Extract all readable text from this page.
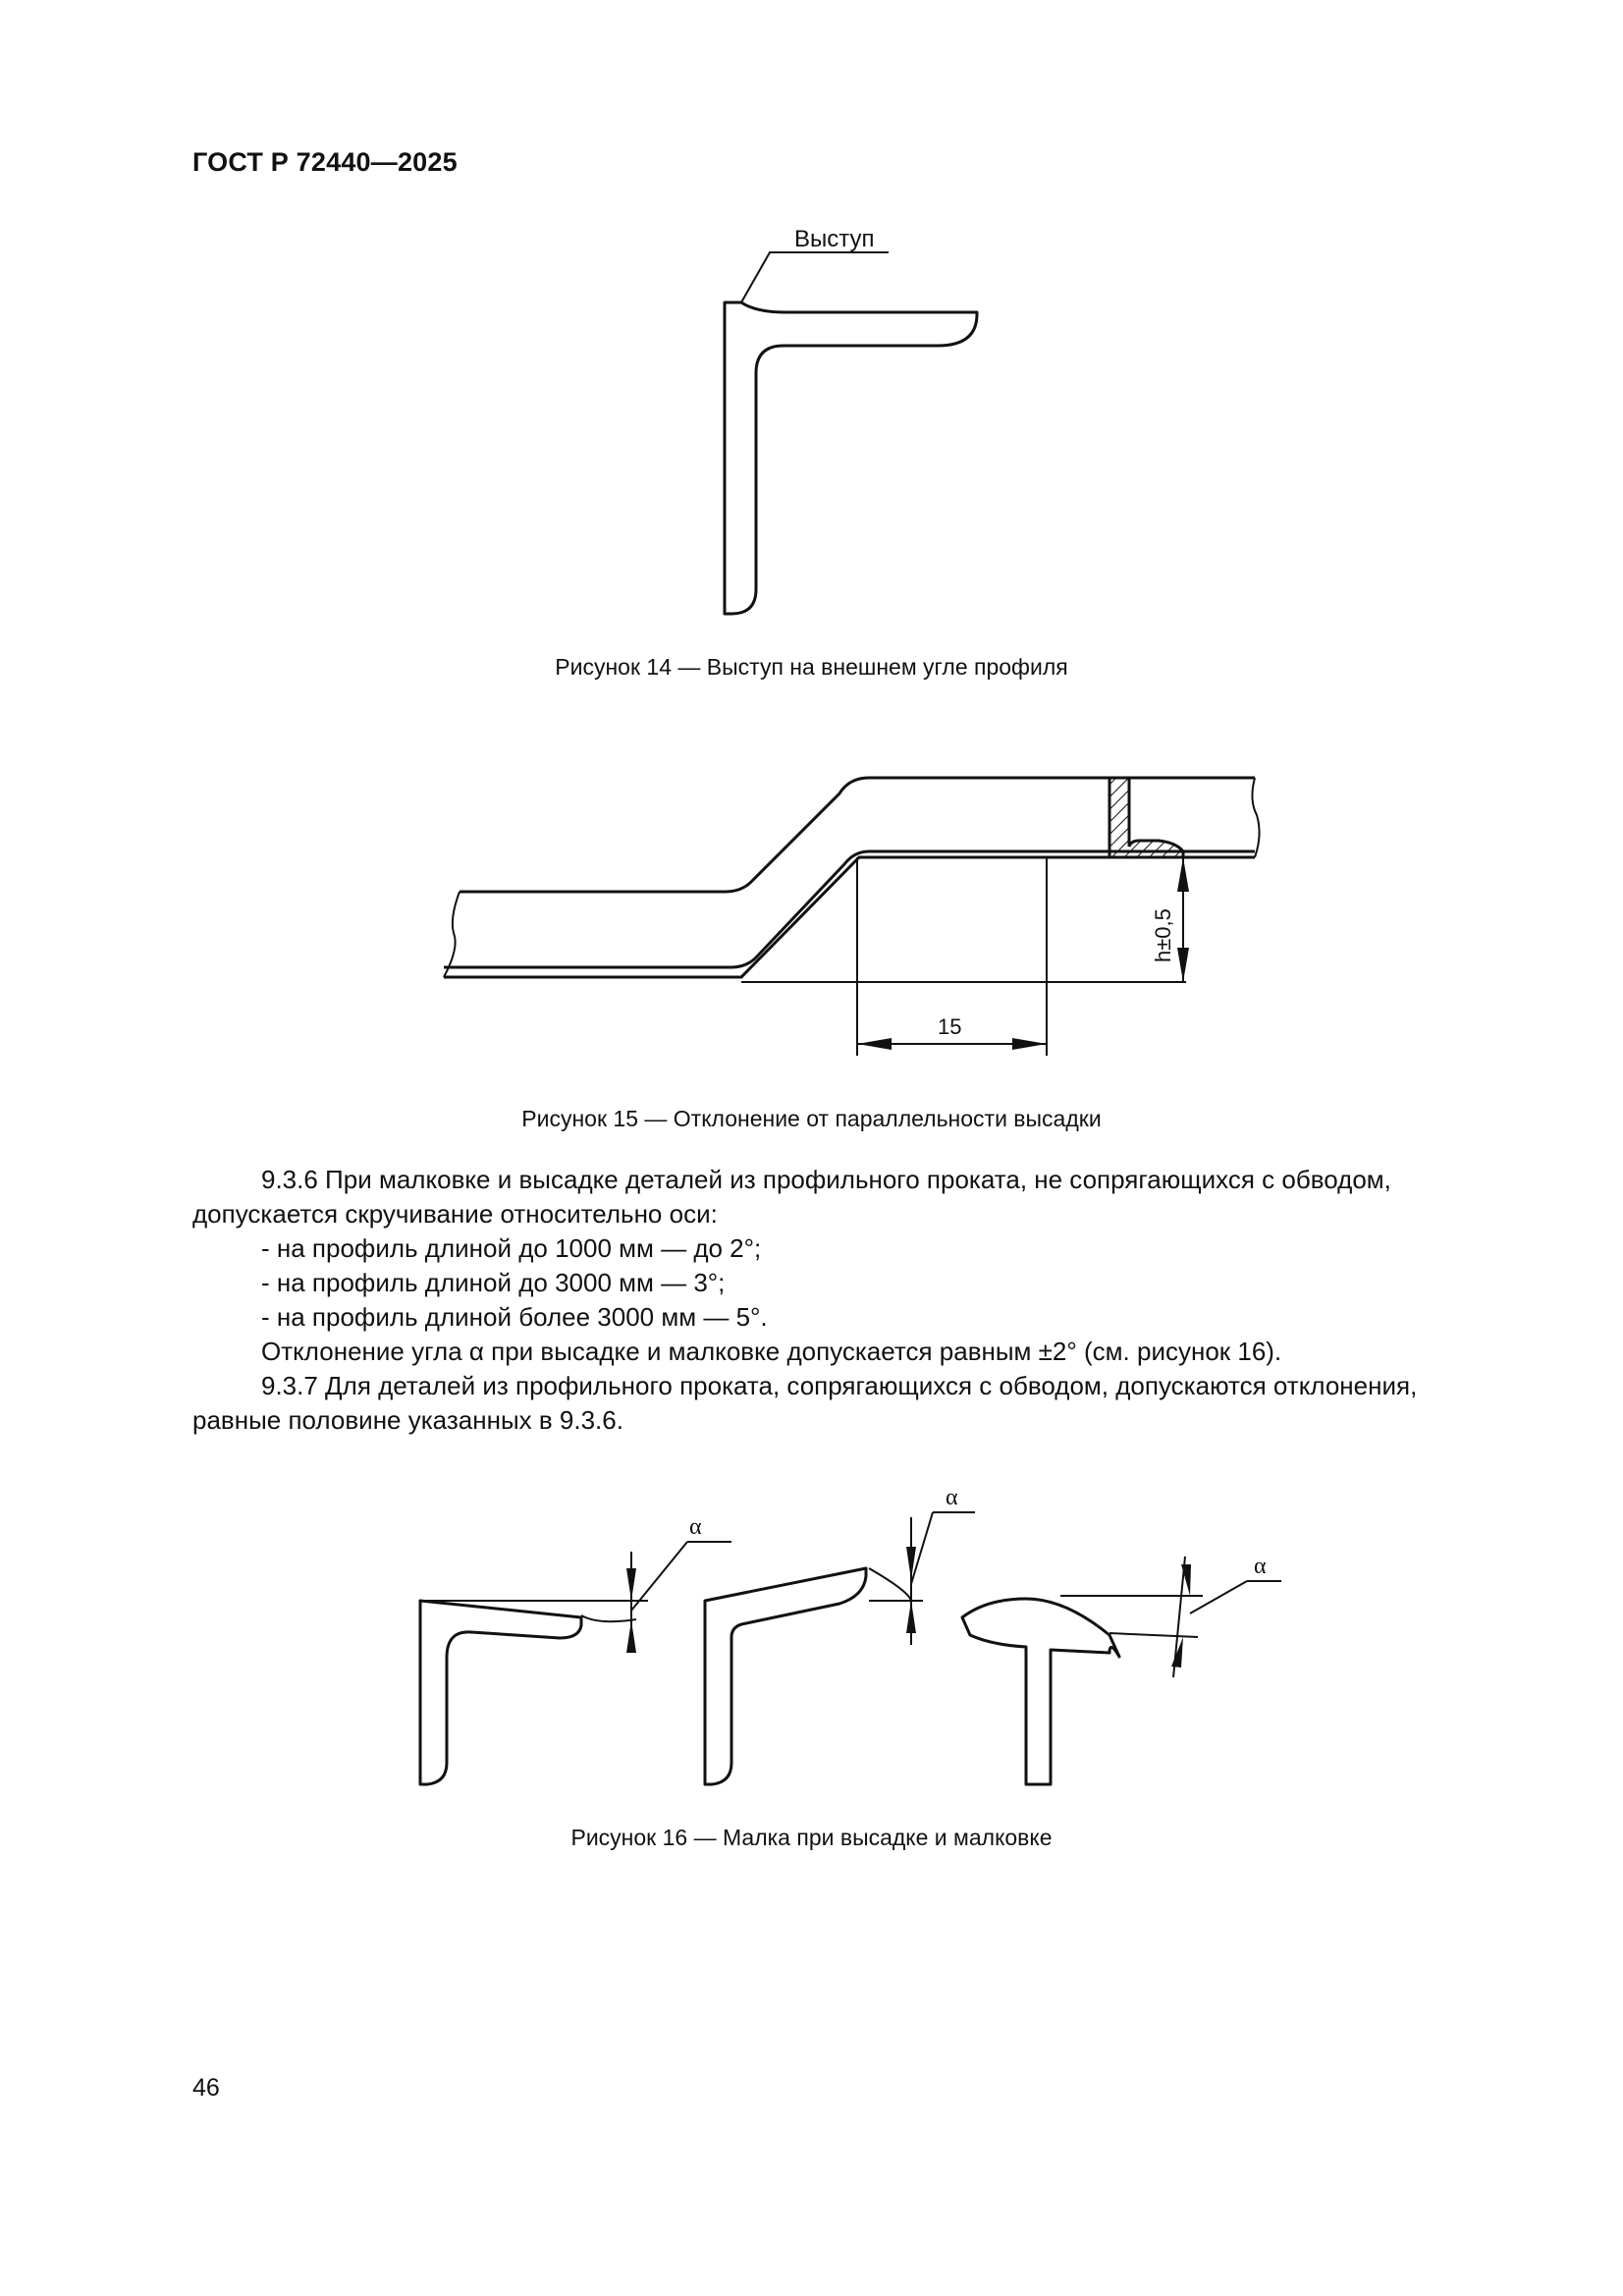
ГОСТ Р 72440—2025
Выступ
Рисунок 14 — Выступ на внешнем угле профиля
15
h±0,5
Рисунок 15 — Отклонение от параллельности высадки

9.3.6 При малковке и высадке деталей из профильного проката, не сопрягающихся с обводом, допускается скручивание относительно оси:

- на профиль длиной до 1000 мм — до 2°;
- на профиль длиной до 3000 мм — 3°;
- на профиль длиной более 3000 мм — 5°.

Отклонение угла α при высадке и малковке допускается равным ±2° (см. рисунок 16).

9.3.7 Для деталей из профильного проката, сопрягающихся с обводом, допускаются отклонения, равные половине указанных в 9.3.6.

α
α
α
Рисунок 16 — Малка при высадке и малковке
46
